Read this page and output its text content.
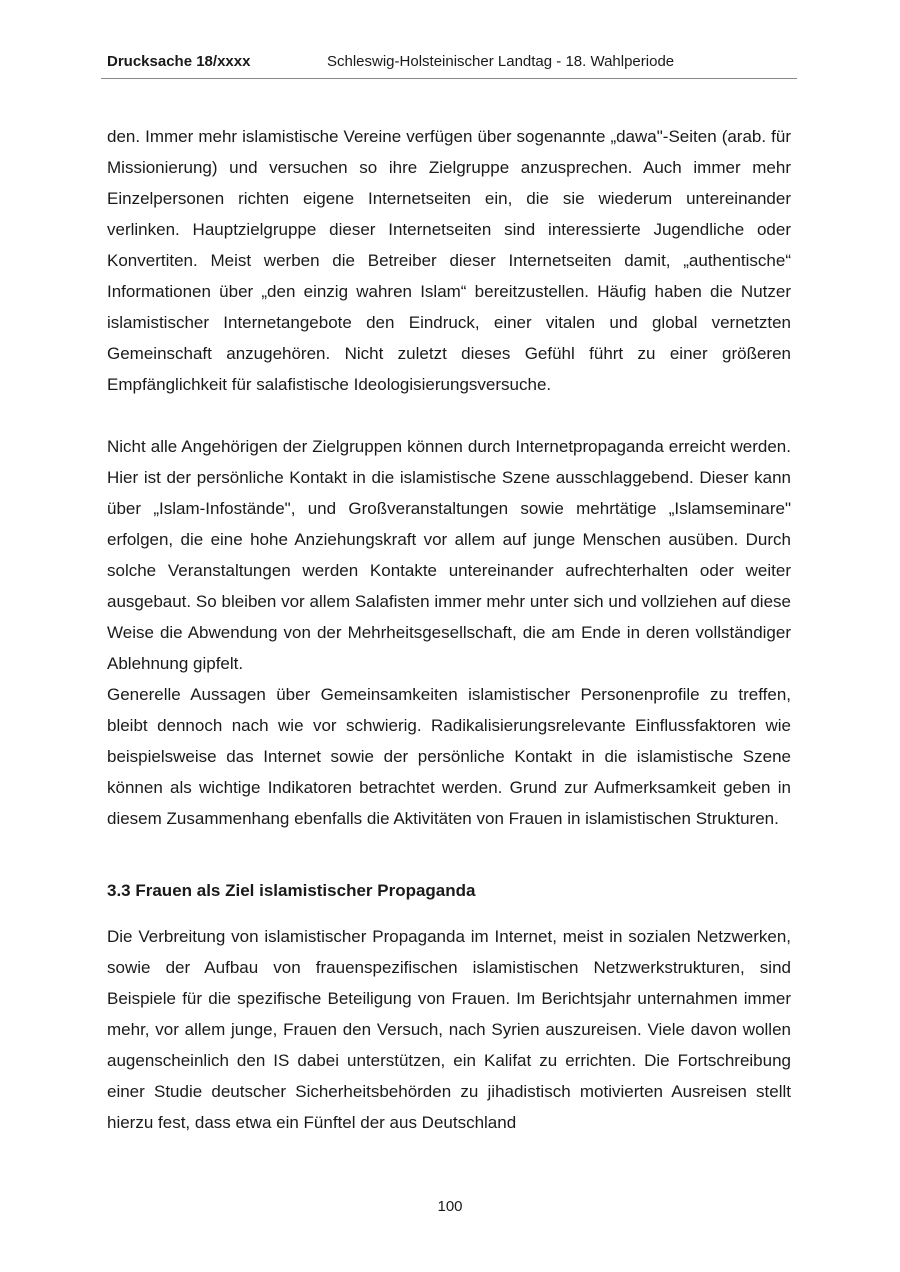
Drucksache 18/xxxx	Schleswig-Holsteinischer Landtag - 18. Wahlperiode

den. Immer mehr islamistische Vereine verfügen über sogenannte „dawa"-Seiten (arab. für Missionierung) und versuchen so ihre Zielgruppe anzusprechen. Auch immer mehr Einzelpersonen richten eigene Internetseiten ein, die sie wiederum untereinander verlinken. Hauptzielgruppe dieser Internetseiten sind interessierte Jugendliche oder Konvertiten. Meist werben die Betreiber dieser Internetseiten damit, „authentische“ Informationen über „den einzig wahren Islam“ bereitzustellen. Häufig haben die Nutzer islamistischer Internetangebote den Eindruck, einer vitalen und global vernetzten Gemeinschaft anzugehören. Nicht zuletzt dieses Gefühl führt zu einer größeren Empfänglichkeit für salafistische Ideologisierungsversuche.

Nicht alle Angehörigen der Zielgruppen können durch Internetpropaganda erreicht werden. Hier ist der persönliche Kontakt in die islamistische Szene ausschlaggebend. Dieser kann über „Islam-Infostände", und Großveranstaltungen sowie mehrtätige „Islamseminare" erfolgen, die eine hohe Anziehungskraft vor allem auf junge Menschen ausüben. Durch solche Veranstaltungen werden Kontakte untereinander aufrechterhalten oder weiter ausgebaut. So bleiben vor allem Salafisten immer mehr unter sich und vollziehen auf diese Weise die Abwendung von der Mehrheitsgesellschaft, die am Ende in deren vollständiger Ablehnung gipfelt.

Generelle Aussagen über Gemeinsamkeiten islamistischer Personenprofile zu treffen, bleibt dennoch nach wie vor schwierig. Radikalisierungsrelevante Einflussfaktoren wie beispielsweise das Internet sowie der persönliche Kontakt in die islamistische Szene können als wichtige Indikatoren betrachtet werden. Grund zur Aufmerksamkeit geben in diesem Zusammenhang ebenfalls die Aktivitäten von Frauen in islamistischen Strukturen.

3.3 Frauen als Ziel islamistischer Propaganda

Die Verbreitung von islamistischer Propaganda im Internet, meist in sozialen Netzwerken, sowie der Aufbau von frauenspezifischen islamistischen Netzwerkstrukturen, sind Beispiele für die spezifische Beteiligung von Frauen. Im Berichtsjahr unternahmen immer mehr, vor allem junge, Frauen den Versuch, nach Syrien auszureisen. Viele davon wollen augenscheinlich den IS dabei unterstützen, ein Kalifat zu errichten. Die Fortschreibung einer Studie deutscher Sicherheitsbehörden zu jihadistisch motivierten Ausreisen stellt hierzu fest, dass etwa ein Fünftel der aus Deutschland

100
